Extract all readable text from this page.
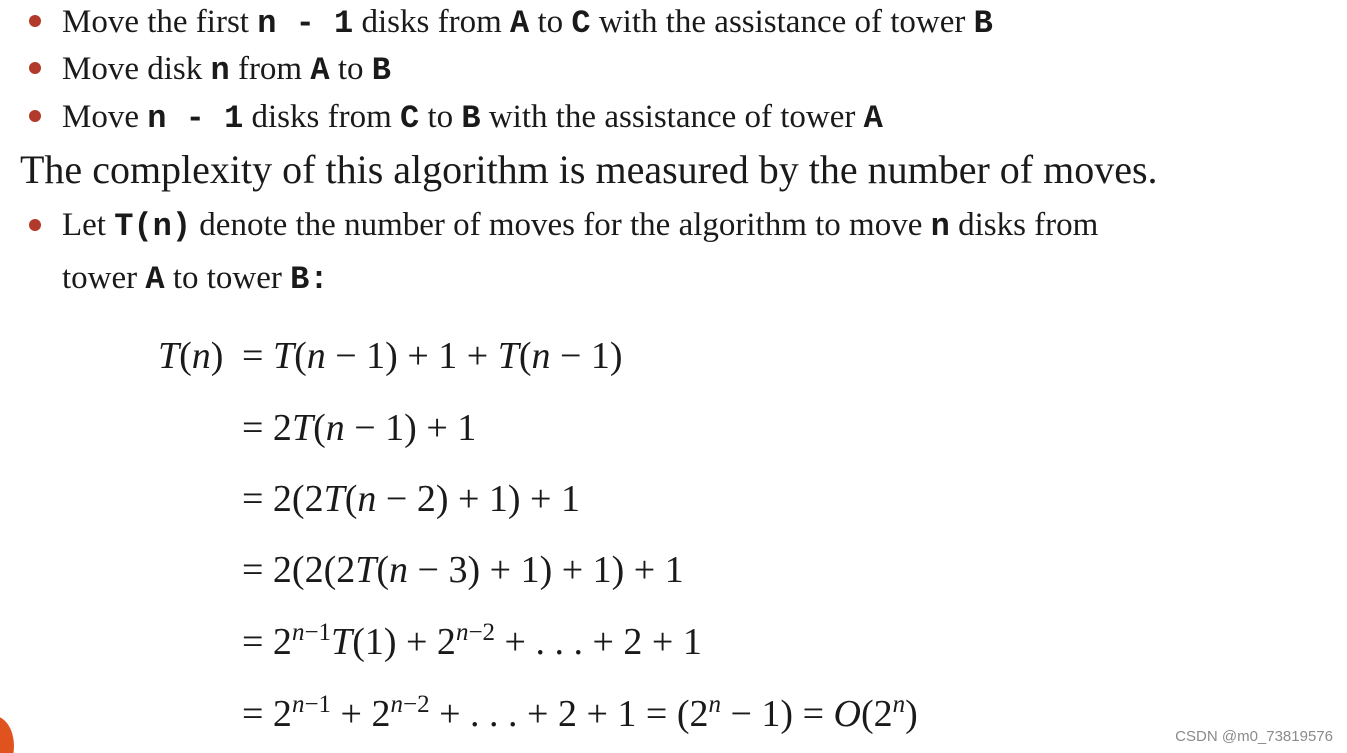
Move the first n - 1 disks from A to C with the assistance of tower B
Move disk n from A to B
Move n - 1 disks from C to B with the assistance of tower A
The complexity of this algorithm is measured by the number of moves.
Let T(n) denote the number of moves for the algorithm to move n disks from
tower A to tower B:
T(n) = T(n − 1) + 1 + T(n − 1)
= 2T(n − 1) + 1
= 2(2T(n − 2) + 1) + 1
= 2(2(2T(n − 3) + 1) + 1) + 1
= $2^{n-1}T(1) + 2^{n-2}$ + . . . + 2 + 1
= $2^{n-1} + 2^{n-2}$ + . . . + $2 + 1 = (2^n - 1) = O(2^n)$
CSDN @m0_73819576
